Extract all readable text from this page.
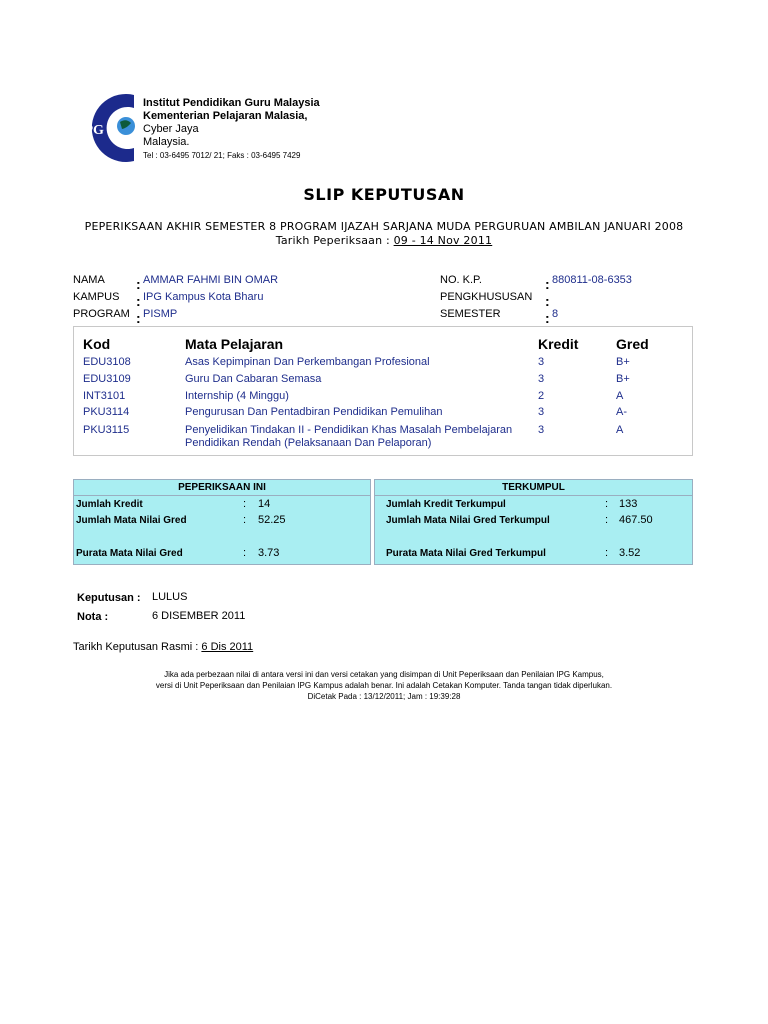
IPG
Institut Pendidikan Guru Malaysia
Kementerian Pelajaran Malasia,
Cyber Jaya
Malaysia.
Tel : 03-6495 7012/ 21; Faks : 03-6495 7429
SLIP KEPUTUSAN
PEPERIKSAAN AKHIR SEMESTER 8 PROGRAM IJAZAH SARJANA MUDA PERGURUAN AMBILAN JANUARI 2008
Tarikh Peperiksaan : 09 - 14 Nov 2011
NAMA : AMMAR FAHMI BIN OMAR
KAMPUS : IPG Kampus Kota Bharu
PROGRAM : PISMP
NO. K.P.	: 880811-08-6353
PENGKHUSUSAN :
SEMESTER	: 8
Kod	Mata Pelajaran	Kredit	Gred
EDU3108	Asas Kepimpinan Dan Perkembangan Profesional	3	B+
EDU3109	Guru Dan Cabaran Semasa	3	B+
INT3101	Internship (4 Minggu)	2	A
PKU3114	Pengurusan Dan Pentadbiran Pendidikan Pemulihan	3	A-
PKU3115	Penyelidikan Tindakan II - Pendidikan Khas Masalah Pembelajaran
Pendidikan Rendah (Pelaksanaan Dan Pelaporan)
3	A
PEPERIKSAAN INI
Jumlah Kredit	: 14
Jumlah Mata Nilai Gred	: 52.25
Purata Mata Nilai Gred	: 3.73
TERKUMPUL
Jumlah Kredit Terkumpul	: 133
Jumlah Mata Nilai Gred Terkumpul	: 467.50
Purata Mata Nilai Gred Terkumpul	: 3.52
Keputusan : LULUS
Nota :	6 DISEMBER 2011
Tarikh Keputusan Rasmi : 6 Dis 2011
Jika ada perbezaan nilai di antara versi ini dan versi cetakan yang disimpan di Unit Peperiksaan dan Penilaian IPG Kampus,
versi di Unit Peperiksaan dan Penilaian IPG Kampus adalah benar. Ini adalah Cetakan Komputer. Tanda tangan tidak diperlukan.
DiCetak Pada : 13/12/2011; Jam : 19:39:28
